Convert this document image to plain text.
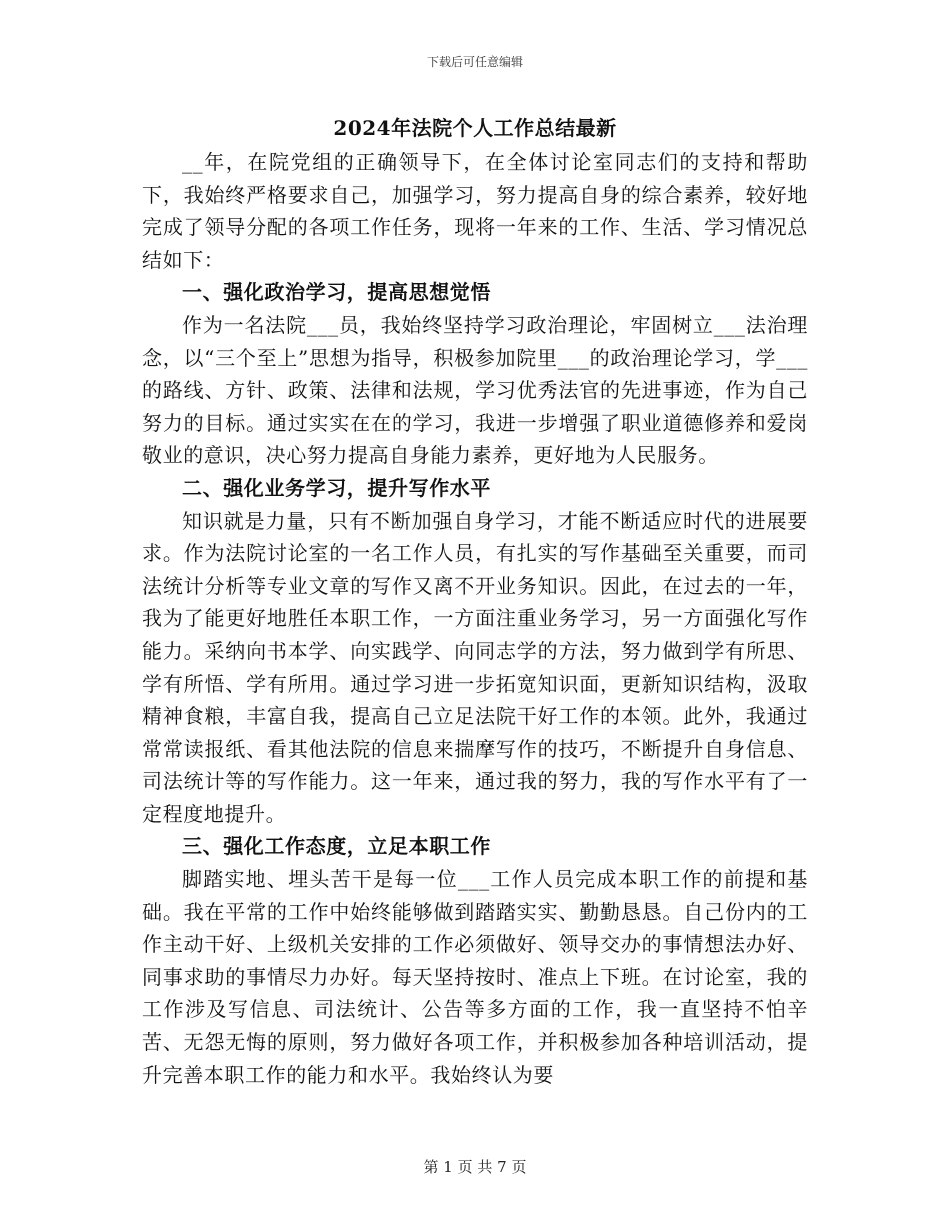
下载后可任意编辑
2024年法院个人工作总结最新

__年，在院党组的正确领导下，在全体讨论室同志们的支持和帮助下，我始终严格要求自己，加强学习，努力提高自身的综合素养，较好地完成了领导分配的各项工作任务，现将一年来的工作、生活、学习情况总结如下：

一、强化政治学习，提高思想觉悟

作为一名法院___员，我始终坚持学习政治理论，牢固树立___法治理念，以“三个至上”思想为指导，积极参加院里___的政治理论学习，学___的路线、方针、政策、法律和法规，学习优秀法官的先进事迹，作为自己努力的目标。通过实实在在的学习，我进一步增强了职业道德修养和爱岗敬业的意识，决心努力提高自身能力素养，更好地为人民服务。

二、强化业务学习，提升写作水平

知识就是力量，只有不断加强自身学习，才能不断适应时代的进展要求。作为法院讨论室的一名工作人员，有扎实的写作基础至关重要，而司法统计分析等专业文章的写作又离不开业务知识。因此，在过去的一年，我为了能更好地胜任本职工作，一方面注重业务学习，另一方面强化写作能力。采纳向书本学、向实践学、向同志学的方法，努力做到学有所思、学有所悟、学有所用。通过学习进一步拓宽知识面，更新知识结构，汲取精神食粮，丰富自我，提高自己立足法院干好工作的本领。此外，我通过常常读报纸、看其他法院的信息来揣摩写作的技巧，不断提升自身信息、司法统计等的写作能力。这一年来，通过我的努力，我的写作水平有了一定程度地提升。

三、强化工作态度，立足本职工作

脚踏实地、埋头苦干是每一位___工作人员完成本职工作的前提和基础。我在平常的工作中始终能够做到踏踏实实、勤勤恳恳。自己份内的工作主动干好、上级机关安排的工作必须做好、领导交办的事情想法办好、同事求助的事情尽力办好。每天坚持按时、准点上下班。在讨论室，我的工作涉及写信息、司法统计、公告等多方面的工作，我一直坚持不怕辛苦、无怨无悔的原则，努力做好各项工作，并积极参加各种培训活动，提升完善本职工作的能力和水平。我始终认为要

第 1 页 共 7 页
